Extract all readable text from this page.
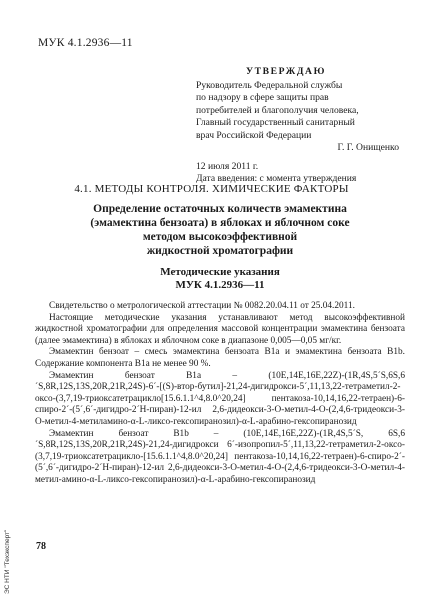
МУК 4.1.2936—11
УТВЕРЖДАЮ
Руководитель Федеральной службы
по надзору в сфере защиты прав
потребителей и благополучия человека,
Главный государственный санитарный
врач Российской Федерации
Г. Г. Онищенко
12 июля 2011 г.
Дата введения: с момента утверждения
4.1. МЕТОДЫ КОНТРОЛЯ. ХИМИЧЕСКИЕ ФАКТОРЫ
Определение остаточных количеств эмамектина
(эмамектина бензоата) в яблоках и яблочном соке
методом высокоэффективной
жидкостной хроматографии
Методические указания
МУК 4.1.2936—11

Свидетельство о метрологической аттестации № 0082.20.04.11 от 25.04.2011.

Настоящие методические указания устанавливают метод высокоэффективной жидкостной хроматографии для определения массовой концентрации эмамектина бензоата (далее эмамектина) в яблоках и яблочном соке в диапазоне 0,005—0,05 мг/кг.

Эмамектин бензоат – смесь эмамектина бензоата B1a и эмамектина бензоата B1b. Содержание компонента B1a не менее 90 %.

Эмамектин бензоат B1a – (10E,14E,16E,22Z)-(1R,4S,5´S,6S,6´S,8R,12S,13S,20R,21R,24S)-6´-[(S)-втор-бутил]-21,24-дигидрокси-5´,11,13,22-тетраметил-2-оксо-(3,7,19-триоксатетрацикло[15.6.1.1^4,8.0^20,24] пентакоза-10,14,16,22-тетраен)-6-спиро-2´-(5´,6´-дигидро-2´H-пиран)-12-ил 2,6-дидеокси-3-О-метил-4-О-(2,4,6-тридеокси-3-О-метил-4-метиламино-α-L-ликсо-гексопиранозил)-α-L-арабино-гексопиранозид

Эмамектин бензоат B1b – (10E,14E,16E,22Z)-(1R,4S,5´S, 6S,6´S,8R,12S,13S,20R,21R,24S)-21,24-дигидрокси 6´-изопропил-5´,11,13,22-тетраметил-2-оксо-(3,7,19-триоксатетрацикло-[15.6.1.1^4,8.0^20,24] пентакоза-10,14,16,22-тетраен)-6-спиро-2´-(5´,6´-дигидро-2´H-пиран)-12-ил 2,6-дидеокси-3-О-метил-4-О-(2,4,6-тридеокси-3-О-метил-4-метил-амино-α-L-ликсо-гексопиранозил)-α-L-арабино-гексопиранозид

78
ЭС НТИ "Техэксперт"
